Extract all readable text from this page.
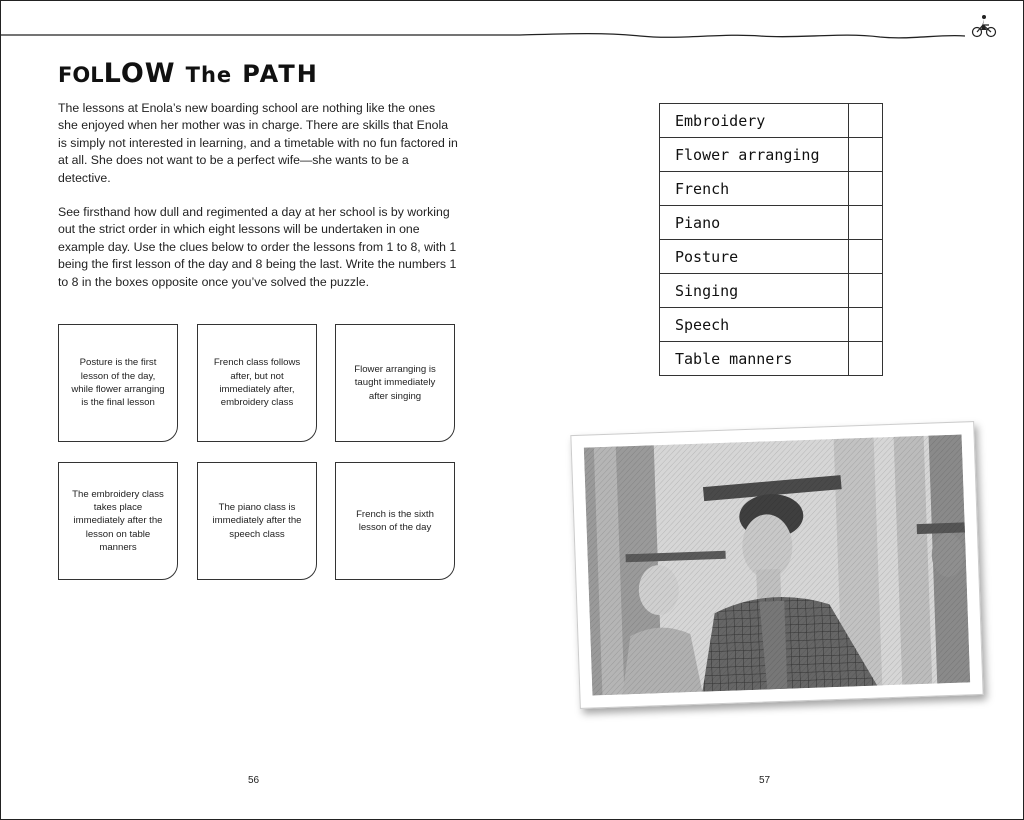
FOLLOW The PATH

The lessons at Enola’s new boarding school are nothing like the ones she enjoyed when her mother was in charge. There are skills that Enola is simply not interested in learning, and a timetable with no fun factored in at all. She does not want to be a perfect wife—she wants to be a detective.

See firsthand how dull and regimented a day at her school is by working out the strict order in which eight lessons will be undertaken in one example day. Use the clues below to order the lessons from 1 to 8, with 1 being the first lesson of the day and 8 being the last. Write the numbers 1 to 8 in the boxes opposite once you’ve solved the puzzle.

Posture is the first lesson of the day, while flower arranging is the final lesson
French class follows after, but not immediately after, embroidery class
Flower arranging is taught immediately after singing
The embroidery class takes place immediately after the lesson on table manners
The piano class is immediately after the speech class
French is the sixth lesson of the day
Embroidery	
Flower arranging	
French	
Piano	
Posture	
Singing	
Speech	
Table manners	
56	57
